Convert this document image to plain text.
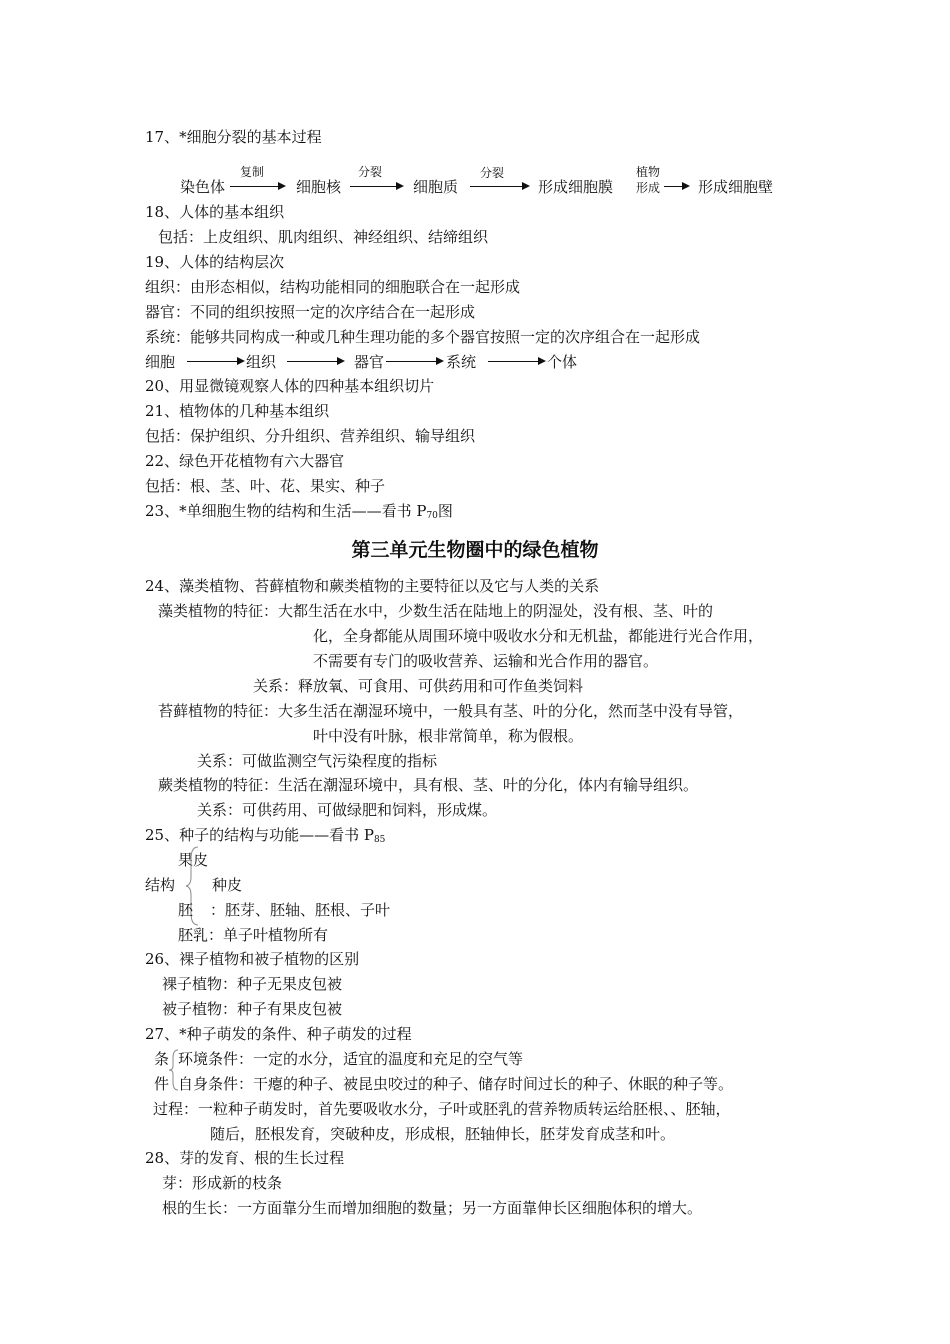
17、*细胞分裂的基本过程
染色体
复制
细胞核
分裂
细胞质
分裂
形成细胞膜
植物
形成	形成细胞壁
18、人体的基本组织
包括：上皮组织、肌肉组织、神经组织、结缔组织
19、人体的结构层次
组织：由形态相似，结构功能相同的细胞联合在一起形成
器官：不同的组织按照一定的次序结合在一起形成
系统：能够共同构成一种或几种生理功能的多个器官按照一定的次序组合在一起形成
细胞	组织	器官	系统	个体
20、用显微镜观察人体的四种基本组织切片
21、植物体的几种基本组织
包括：保护组织、分升组织、营养组织、输导组织
22、绿色开花植物有六大器官
包括：根、茎、叶、花、果实、种子
23、*单细胞生物的结构和生活——看书 $P_{70}$图
第三单元生物圈中的绿色植物
24、藻类植物、苔藓植物和蕨类植物的主要特征以及它与人类的关系
藻类植物的特征：大都生活在水中，少数生活在陆地上的阴湿处，没有根、茎、叶的
化，全身都能从周围环境中吸收水分和无机盐，都能进行光合作用，
不需要有专门的吸收营养、运输和光合作用的器官。
关系：释放氧、可食用、可供药用和可作鱼类饲料
苔藓植物的特征：大多生活在潮湿环境中，一般具有茎、叶的分化，然而茎中没有导管，
叶中没有叶脉，根非常简单，称为假根。
关系：可做监测空气污染程度的指标
蕨类植物的特征：生活在潮湿环境中，具有根、茎、叶的分化，体内有输导组织。
关系：可供药用、可做绿肥和饲料，形成煤。
25、种子的结构与功能——看书 $P_{85}$
果皮
结构 种皮
胚 ：胚芽、胚轴、胚根、子叶
胚乳：单子叶植物所有
26、裸子植物和被子植物的区别
裸子植物：种子无果皮包被
被子植物：种子有果皮包被
27、*种子萌发的条件、种子萌发的过程
条
件
环境条件：一定的水分，适宜的温度和充足的空气等
自身条件：干瘪的种子、被昆虫咬过的种子、储存时间过长的种子、休眠的种子等。
过程：一粒种子萌发时，首先要吸收水分，子叶或胚乳的营养物质转运给胚根、、胚轴，
随后，胚根发育，突破种皮，形成根，胚轴伸长，胚芽发育成茎和叶。
28、芽的发育、根的生长过程
芽：形成新的枝条
根的生长：一方面靠分生而增加细胞的数量；另一方面靠伸长区细胞体积的增大。
